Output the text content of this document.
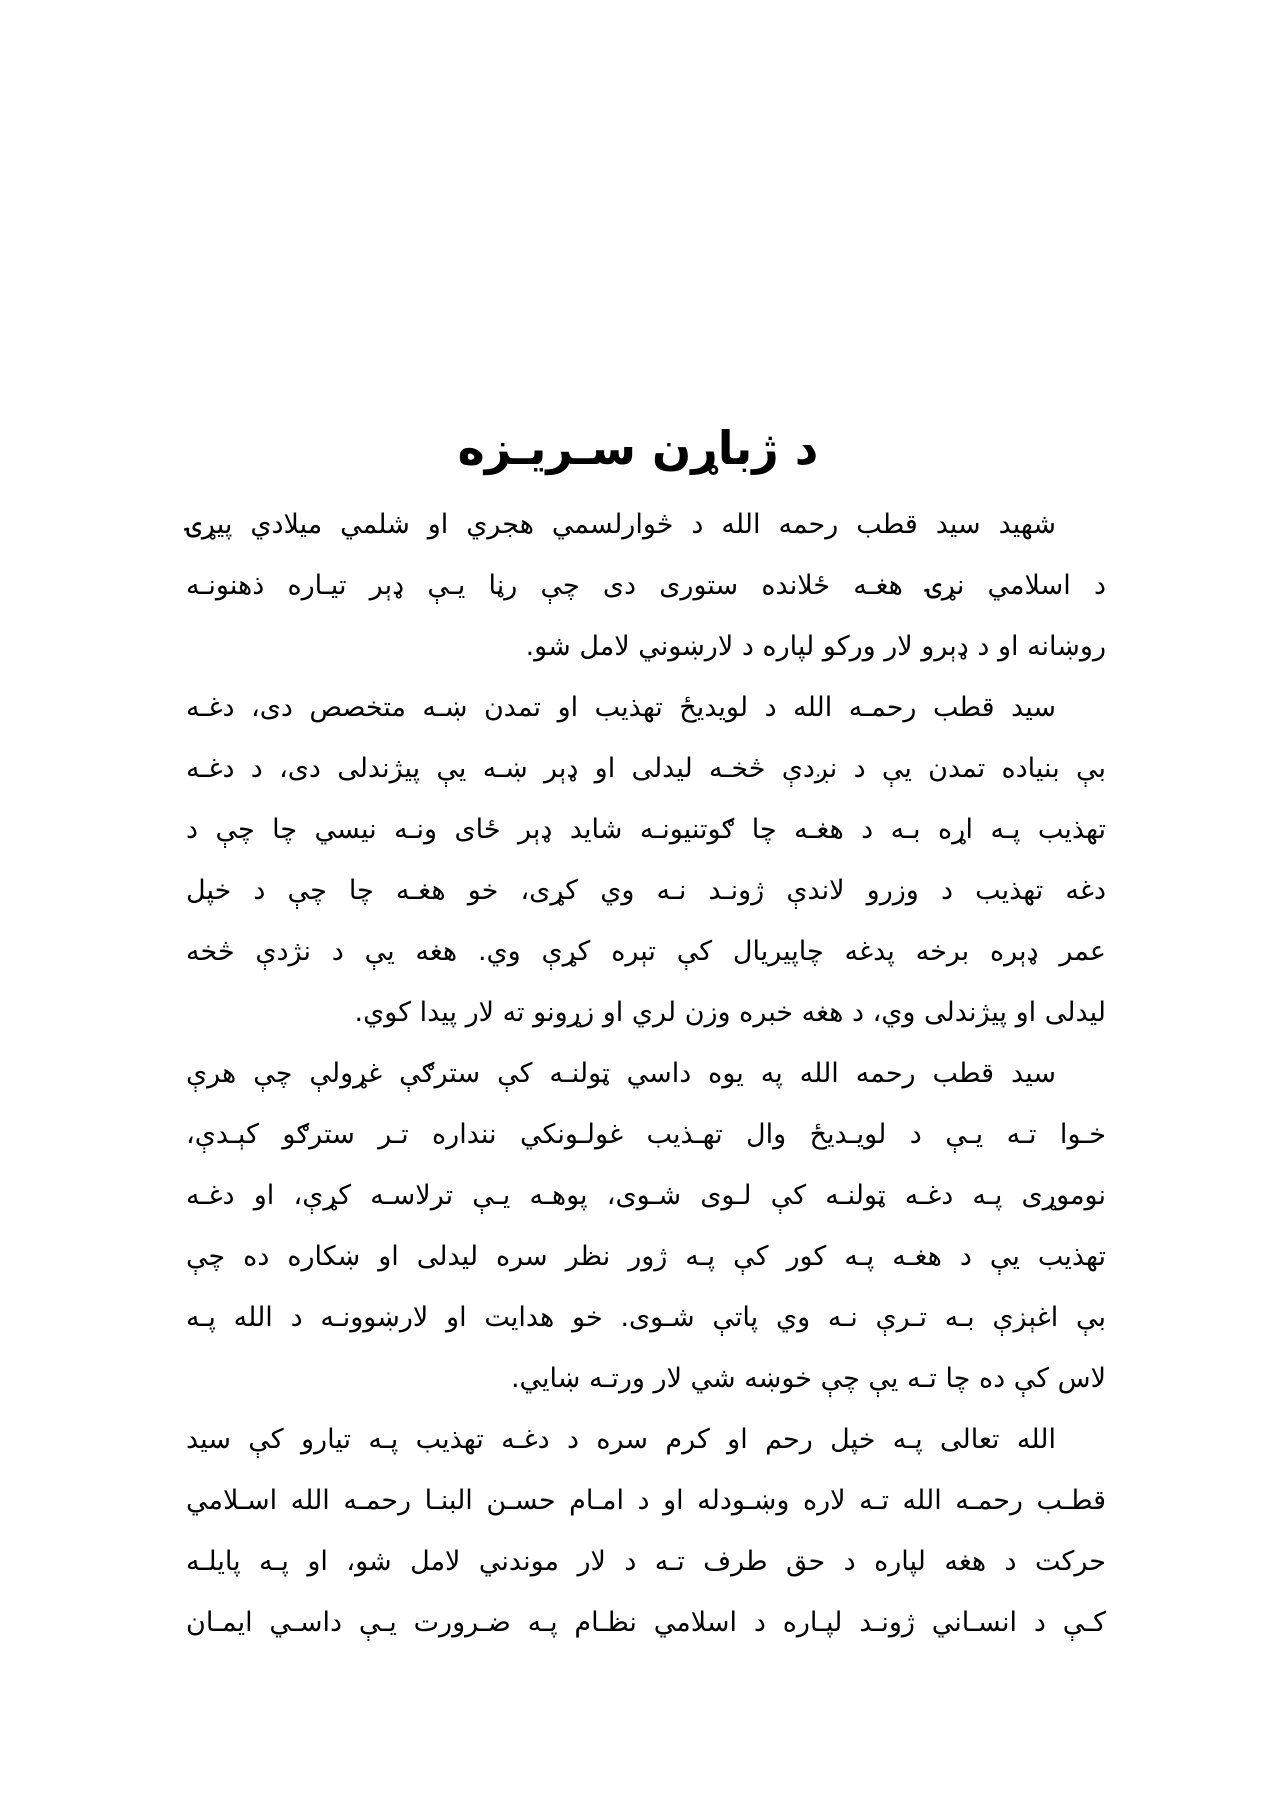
د ژباړن سـریـزه
شهید سید قطب رحمه الله د څوارلسمي هجري او شلمي میلادي پیړۍ
د اسلامي نړۍ هغـه ځلانده ستوری دی چې رڼا یـې ډېر تیـاره ذهنونـه
روښانه او د ډېرو لار ورکو لپاره د لارښوني لامل شو.
سید قطب رحمـه الله د لویدیځ تهذیب او تمدن ښـه متخصص دی، دغـه
بې بنیاده تمدن یې د نږدې څخـه لیدلی او ډېر ښـه یې پیژندلی دی، د دغـه
تهذیب پـه اړه بـه د هغـه چا ګوتنیونـه شاید ډېر ځای ونـه نیسي چا چې د
دغه تهذیب د وزرو لاندې ژونـد نـه وي کړی، خو هغـه چا چې د خپل
عمر ډېره برخه پدغه چاپیریال کې تېره کړې وي. هغه یې د نژدې څخه
لیدلی او پیژندلی وي، د هغه خبره وزن لري او زړونو ته لار پیدا کوي.
سید قطب رحمه الله په یوه داسي ټولنـه کې سترګې غړولې چې هرې
خـوا تـه یـې د لویـدیځ وال تهـذیب غولـونکي ننداره تـر سترګو کېـدې،
نوموړی پـه دغـه ټولنـه کې لـوی شـوی، پوهـه یـې ترلاسـه کړې، او دغـه
تهذیب یې د هغـه پـه کور کې پـه ژور نظر سره لیدلی او ښکاره ده چې
بې اغېزې بـه تـرې نـه وي پاتې شـوی. خو هدایت او لارښوونـه د الله پـه
لاس کې ده چا تـه یې چې خوښه شي لار ورتـه ښایي.
الله تعالی پـه خپل رحم او کرم سره د دغـه تهذیب پـه تیارو کې سید
قطـب رحمـه الله تـه لاره وښـودله او د امـام حسـن البنـا رحمـه الله اسـلامي
حرکت د هغه لپاره د حق طرف تـه د لار موندني لامل شو، او پـه پایلـه
کـې د انسـاني ژونـد لپـاره د اسلامي نظـام پـه ضـرورت یـې داسـي ایمـان
